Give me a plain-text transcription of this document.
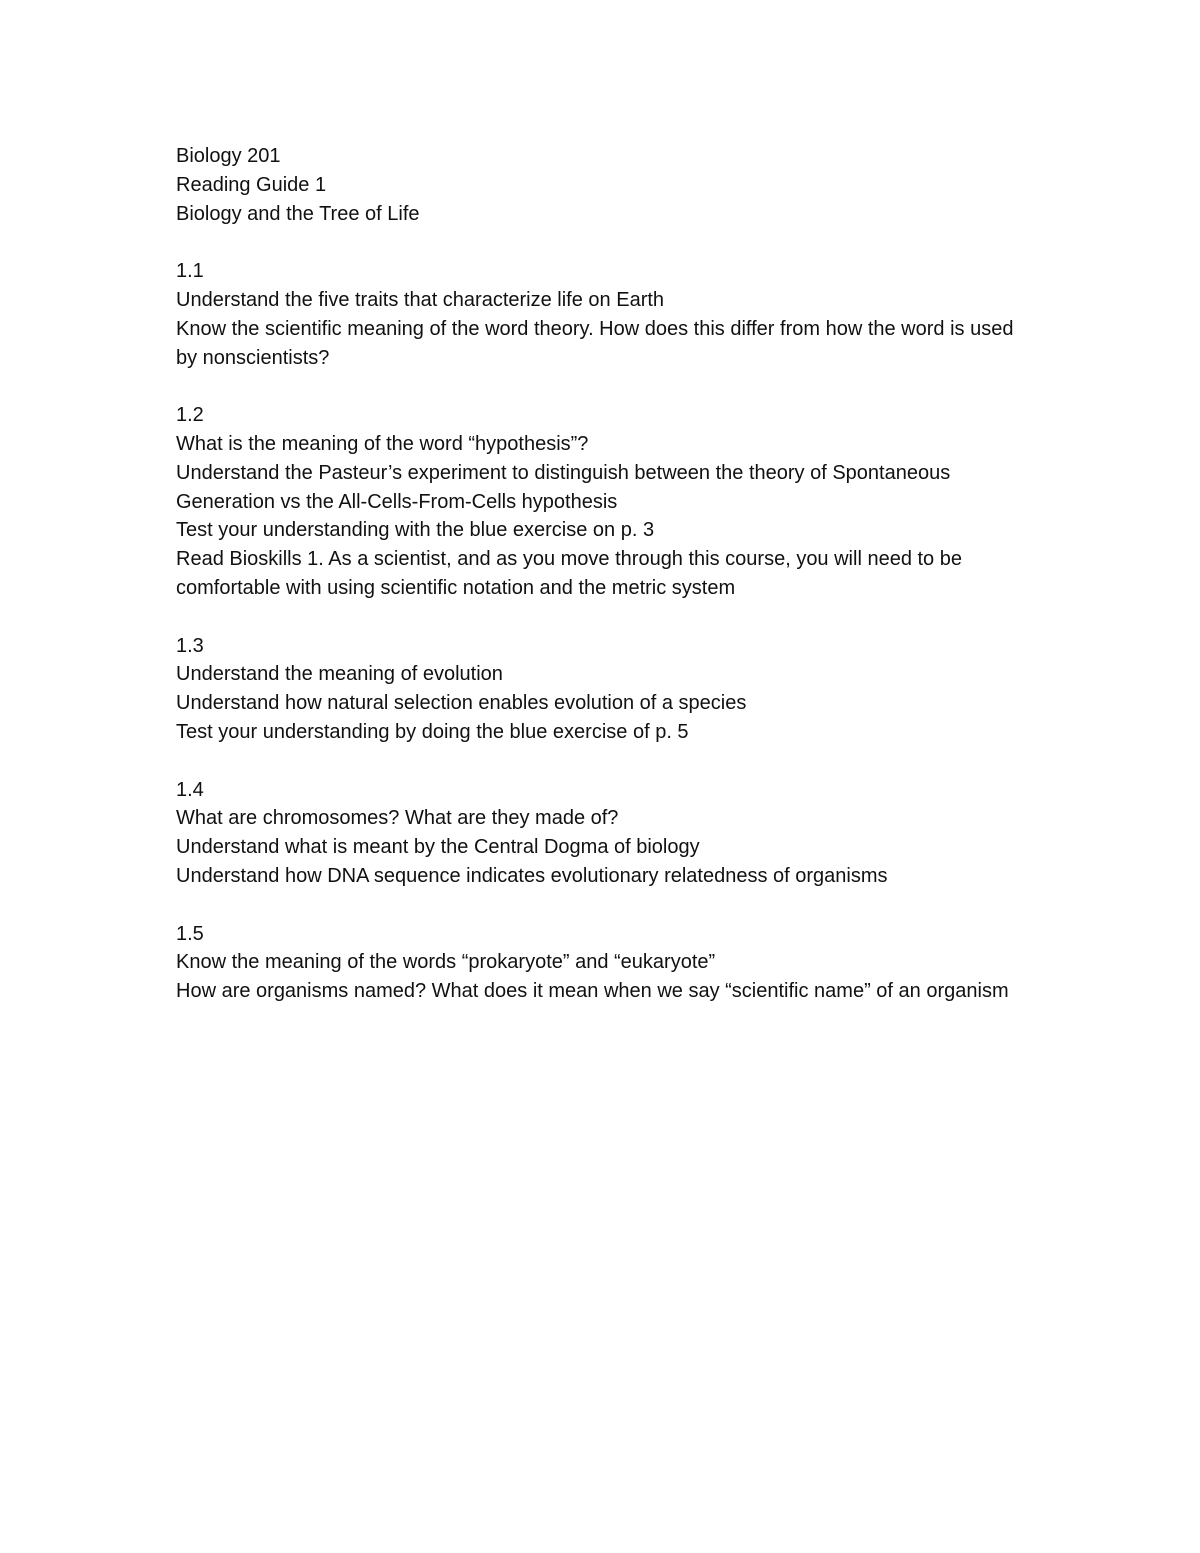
Biology 201
Reading Guide 1
Biology and the Tree of Life
1.1
Understand the five traits that characterize life on Earth
Know the scientific meaning of the word theory. How does this differ from how the word is used by nonscientists?
1.2
What is the meaning of the word “hypothesis”?
Understand the Pasteur’s experiment to distinguish between the theory of Spontaneous Generation vs the All-Cells-From-Cells hypothesis
Test your understanding with the blue exercise on p. 3
Read Bioskills 1. As a scientist, and as you move through this course, you will need to be comfortable with using scientific notation and the metric system
1.3
Understand the meaning of evolution
Understand how natural selection enables evolution of a species
Test your understanding by doing the blue exercise of p. 5
1.4
What are chromosomes? What are they made of?
Understand what is meant by the Central Dogma of biology
Understand how DNA sequence indicates evolutionary relatedness of organisms
1.5
Know the meaning of the words “prokaryote” and “eukaryote”
How are organisms named? What does it mean when we say “scientific name” of an organism
